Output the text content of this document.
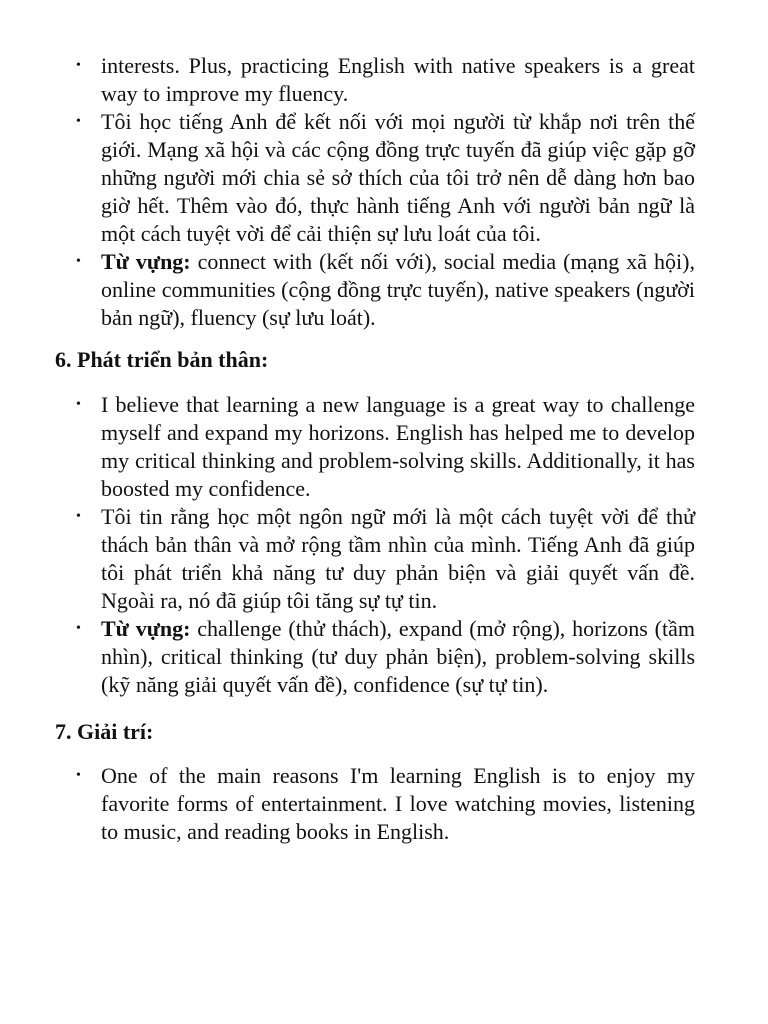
• interests. Plus, practicing English with native speakers is a great way to improve my fluency.
• Tôi học tiếng Anh để kết nối với mọi người từ khắp nơi trên thế giới. Mạng xã hội và các cộng đồng trực tuyến đã giúp việc gặp gỡ những người mới chia sẻ sở thích của tôi trở nên dễ dàng hơn bao giờ hết. Thêm vào đó, thực hành tiếng Anh với người bản ngữ là một cách tuyệt vời để cải thiện sự lưu loát của tôi.
• Từ vựng: connect with (kết nối với), social media (mạng xã hội), online communities (cộng đồng trực tuyến), native speakers (người bản ngữ), fluency (sự lưu loát).
6. Phát triển bản thân:
• I believe that learning a new language is a great way to challenge myself and expand my horizons. English has helped me to develop my critical thinking and problem-solving skills. Additionally, it has boosted my confidence.
• Tôi tin rằng học một ngôn ngữ mới là một cách tuyệt vời để thử thách bản thân và mở rộng tầm nhìn của mình. Tiếng Anh đã giúp tôi phát triển khả năng tư duy phản biện và giải quyết vấn đề. Ngoài ra, nó đã giúp tôi tăng sự tự tin.
• Từ vựng: challenge (thử thách), expand (mở rộng), horizons (tầm nhìn), critical thinking (tư duy phản biện), problem-solving skills (kỹ năng giải quyết vấn đề), confidence (sự tự tin).
7. Giải trí:
• One of the main reasons I'm learning English is to enjoy my favorite forms of entertainment. I love watching movies, listening to music, and reading books in English.
